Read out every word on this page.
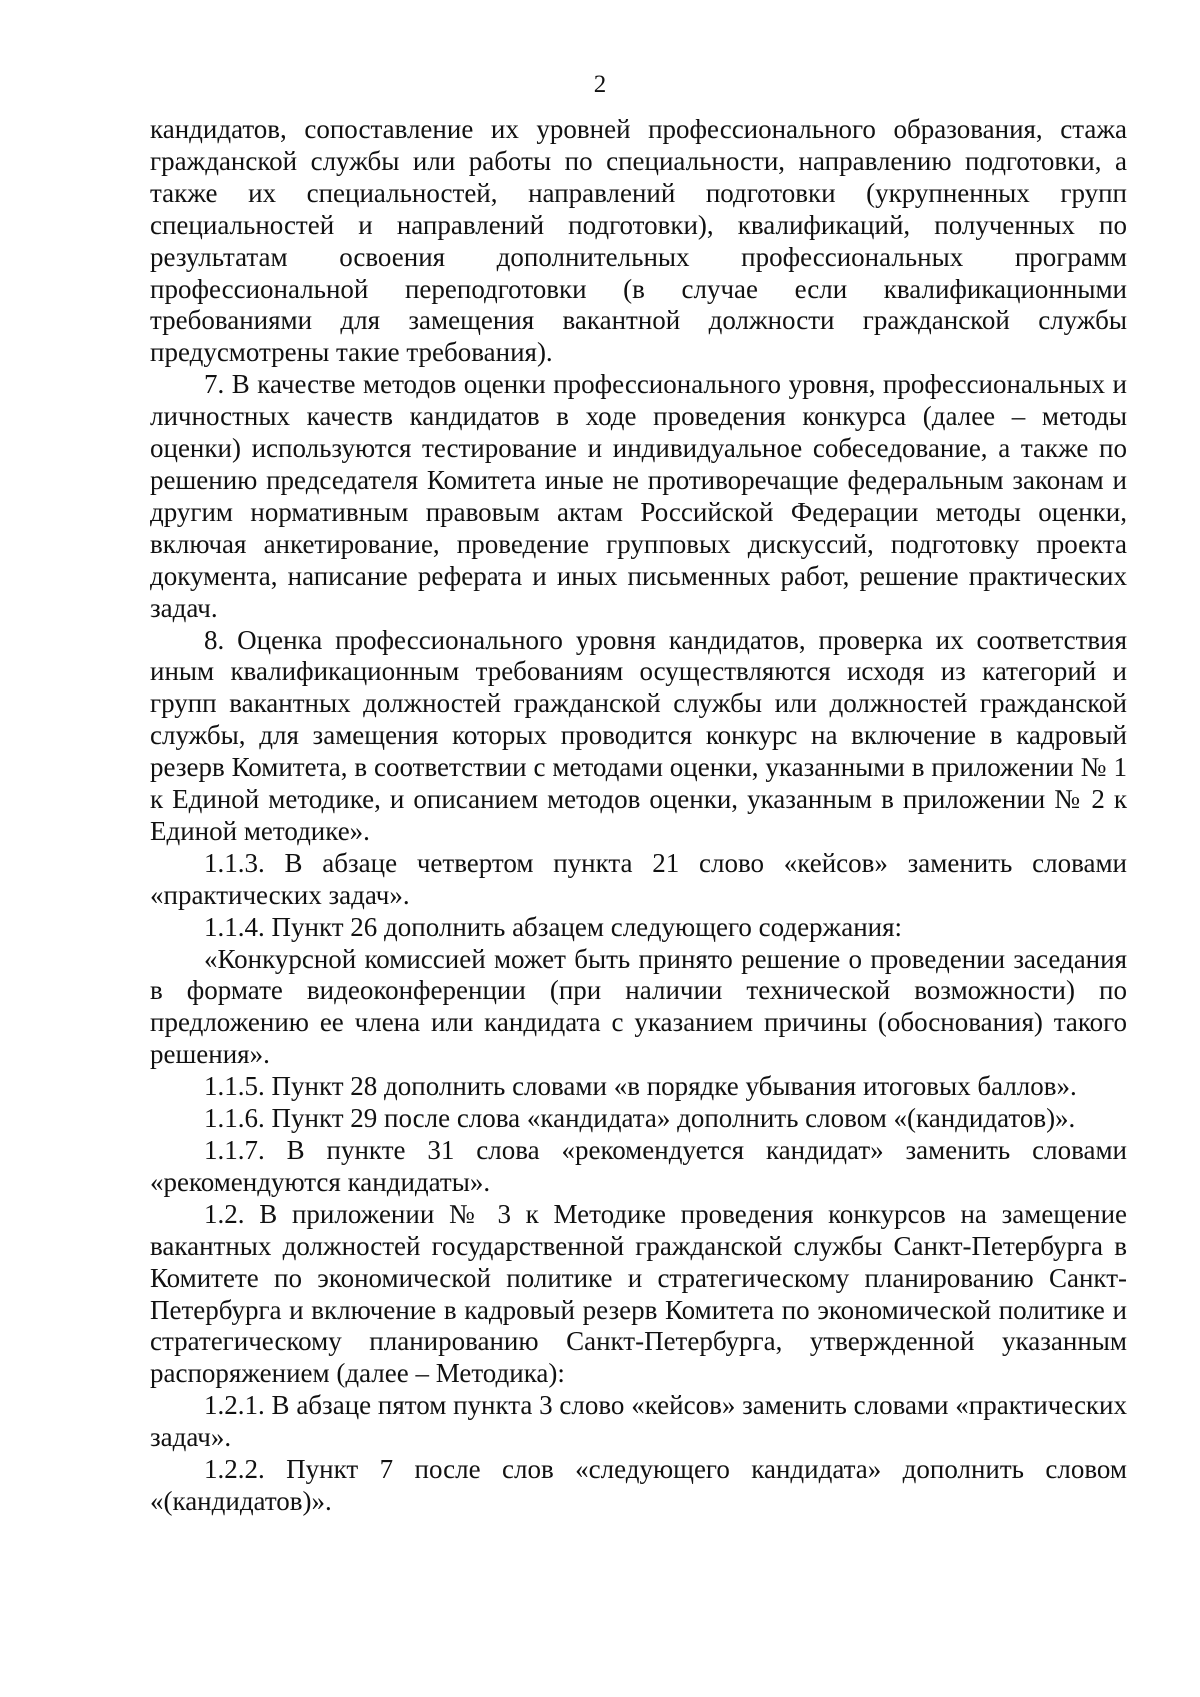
2

кандидатов, сопоставление их уровней профессионального образования, стажа гражданской службы или работы по специальности, направлению подготовки, а также их специальностей, направлений подготовки (укрупненных групп специальностей и направлений подготовки), квалификаций, полученных по результатам освоения дополнительных профессиональных программ профессиональной переподготовки (в случае если квалификационными требованиями для замещения вакантной должности гражданской службы предусмотрены такие требования).

7. В качестве методов оценки профессионального уровня, профессиональных и личностных качеств кандидатов в ходе проведения конкурса (далее – методы оценки) используются тестирование и индивидуальное собеседование, а также по решению председателя Комитета иные не противоречащие федеральным законам и другим нормативным правовым актам Российской Федерации методы оценки, включая анкетирование, проведение групповых дискуссий, подготовку проекта документа, написание реферата и иных письменных работ, решение практических задач.

8. Оценка профессионального уровня кандидатов, проверка их соответствия иным квалификационным требованиям осуществляются исходя из категорий и групп вакантных должностей гражданской службы или должностей гражданской службы, для замещения которых проводится конкурс на включение в кадровый резерв Комитета, в соответствии с методами оценки, указанными в приложении № 1 к Единой методике, и описанием методов оценки, указанным в приложении № 2 к Единой методике».

1.1.3. В абзаце четвертом пункта 21 слово «кейсов» заменить словами «практических задач».

1.1.4. Пункт 26 дополнить абзацем следующего содержания:

«Конкурсной комиссией может быть принято решение о проведении заседания в формате видеоконференции (при наличии технической возможности) по предложению ее члена или кандидата с указанием причины (обоснования) такого решения».

1.1.5. Пункт 28 дополнить словами «в порядке убывания итоговых баллов».

1.1.6. Пункт 29 после слова «кандидата» дополнить словом «(кандидатов)».

1.1.7. В пункте 31 слова «рекомендуется кандидат» заменить словами «рекомендуются кандидаты».

1.2. В приложении № 3 к Методике проведения конкурсов на замещение вакантных должностей государственной гражданской службы Санкт-Петербурга в Комитете по экономической политике и стратегическому планированию Санкт-Петербурга и включение в кадровый резерв Комитета по экономической политике и стратегическому планированию Санкт-Петербурга, утвержденной указанным распоряжением (далее – Методика):

1.2.1. В абзаце пятом пункта 3 слово «кейсов» заменить словами «практических задач».

1.2.2. Пункт 7 после слов «следующего кандидата» дополнить словом «(кандидатов)».
